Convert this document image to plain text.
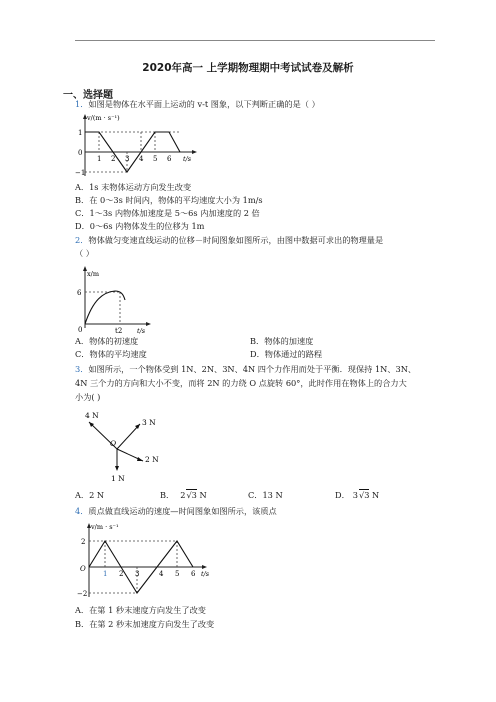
2020年高一 上学期物理期中考试试卷及解析
一、选择题
1．如图是物体在水平面上运动的 v-t 图象，以下判断正确的是（ ）
v/(m · s⁻¹)
1
0
−1
1 2 3 4 5 6 t/s
A．1s 末物体运动方向发生改变
B．在 0～3s 时间内，物体的平均速度大小为 1m/s
C．1～3s 内物体加速度是 5～6s 内加速度的 2 倍
D．0～6s 内物体发生的位移为 1m
2．物体做匀变速直线运动的位移－时间图象如图所示，由图中数据可求出的物理量是
（ ）
x/m
6
0	t2 t/s
A．物体的初速度	B．物体的加速度
C．物体的平均速度	D．物体通过的路程
3．如图所示，一个物体受到 1N、2N、3N、4N 四个力作用而处于平衡．现保持 1N、3N、
4N 三个力的方向和大小不变，而将 2N 的力绕 O 点旋转 60°，此时作用在物体上的合力大
小为( )
4 N
3 N
2 N
1 N
O
A．2 N	B． 2√3 N	C．13 N	D． 3√3 N
4．质点做直线运动的速度—时间图象如图所示，该质点
v/m · s⁻¹
2
O
−2
1 2 3	4 5 6 t/s
A．在第 1 秒末速度方向发生了改变
B．在第 2 秒末加速度方向发生了改变
